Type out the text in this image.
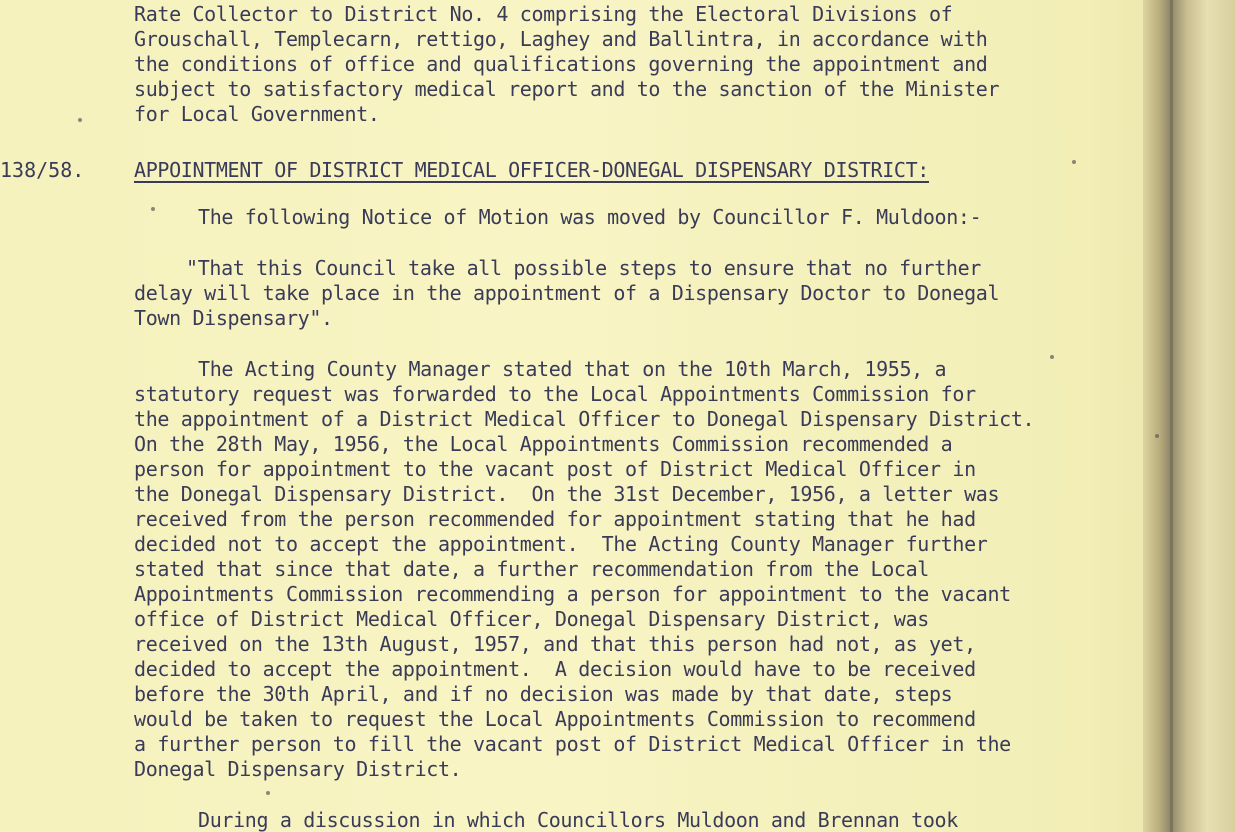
Rate Collector to District No. 4 comprising the Electoral Divisions of
Grouschall, Templecarn, rettigo, Laghey and Ballintra, in accordance with
the conditions of office and qualifications governing the appointment and
subject to satisfactory medical report and to the sanction of the Minister
for Local Government.
138/58. APPOINTMENT OF DISTRICT MEDICAL OFFICER-DONEGAL DISPENSARY DISTRICT:
The following Notice of Motion was moved by Councillor F. Muldoon:-
"That this Council take all possible steps to ensure that no further
delay will take place in the appointment of a Dispensary Doctor to Donegal
Town Dispensary".
The Acting County Manager stated that on the 10th March, 1955, a
statutory request was forwarded to the Local Appointments Commission for
the appointment of a District Medical Officer to Donegal Dispensary District.
On the 28th May, 1956, the Local Appointments Commission recommended a
person for appointment to the vacant post of District Medical Officer in
the Donegal Dispensary District.  On the 31st December, 1956, a letter was
received from the person recommended for appointment stating that he had
decided not to accept the appointment.  The Acting County Manager further
stated that since that date, a further recommendation from the Local
Appointments Commission recommending a person for appointment to the vacant
office of District Medical Officer, Donegal Dispensary District, was
received on the 13th August, 1957, and that this person had not, as yet,
decided to accept the appointment.  A decision would have to be received
before the 30th April, and if no decision was made by that date, steps
would be taken to request the Local Appointments Commission to recommend
a further person to fill the vacant post of District Medical Officer in the
Donegal Dispensary District.
During a discussion in which Councillors Muldoon and Brennan took
